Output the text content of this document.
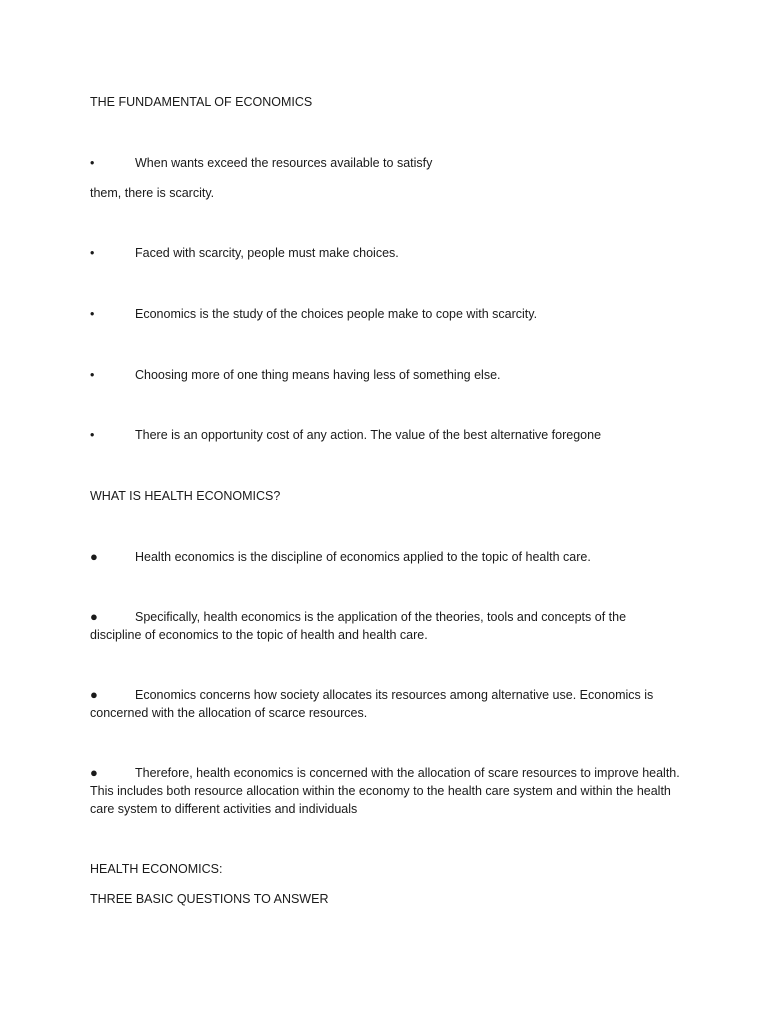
THE FUNDAMENTAL OF ECONOMICS
•	When wants exceed the resources available to satisfy
them, there is scarcity.
•	Faced with scarcity, people must make choices.
•	Economics is the study of the choices people make to cope with scarcity.
•	Choosing more of one thing means having less of something else.
•	There is an opportunity cost of any action. The value of the best alternative foregone
WHAT IS HEALTH ECONOMICS?
●	Health economics is the discipline of economics applied to the topic of health care.
●	Specifically, health economics is the application of the theories, tools and concepts of the discipline of economics to the topic of health and health care.
●	Economics concerns how society allocates its resources among alternative use. Economics is concerned with the allocation of scarce resources.
●	Therefore, health economics is concerned with the allocation of scare resources to improve health. This includes both resource allocation within the economy to the health care system and within the health care system to different activities and individuals
HEALTH ECONOMICS:
THREE BASIC QUESTIONS TO ANSWER
